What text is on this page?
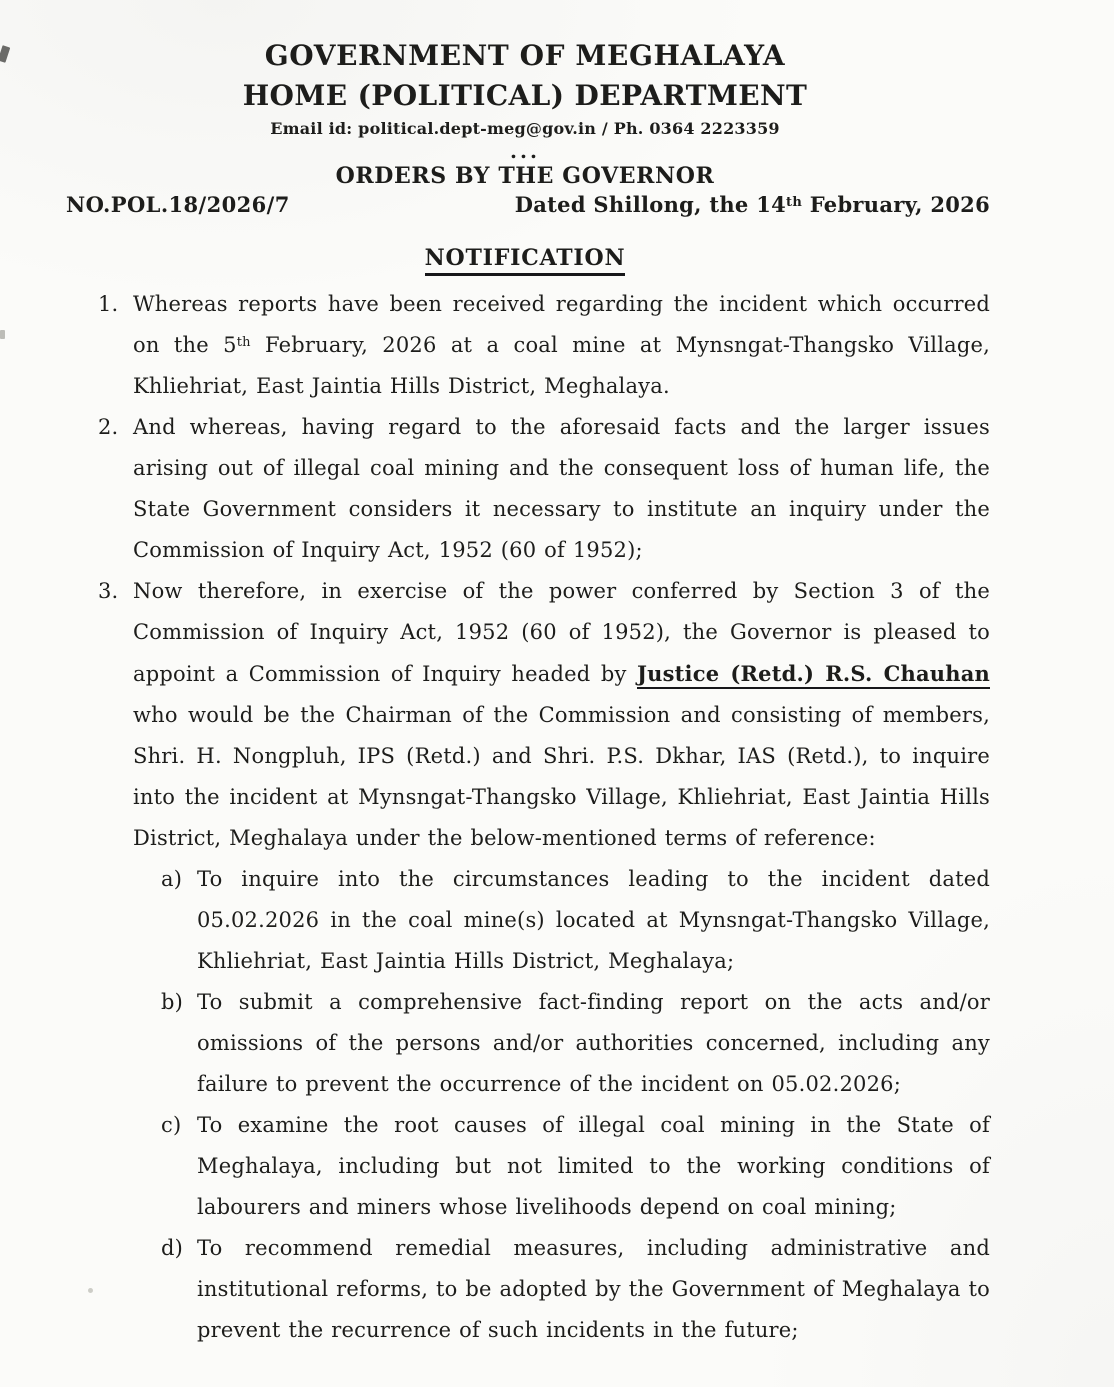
GOVERNMENT OF MEGHALAYA
HOME (POLITICAL) DEPARTMENT
Email id: political.dept-meg@gov.in / Ph. 0364 2223359
...
ORDERS BY THE GOVERNOR
NO.POL.18/2026/7	Dated Shillong, the 14th February, 2026
NOTIFICATION
1. Whereas reports have been received regarding the incident which occurred on the 5th February, 2026 at a coal mine at Mynsngat-Thangsko Village, Khliehriat, East Jaintia Hills District, Meghalaya.
2. And whereas, having regard to the aforesaid facts and the larger issues arising out of illegal coal mining and the consequent loss of human life, the State Government considers it necessary to institute an inquiry under the Commission of Inquiry Act, 1952 (60 of 1952);
3. Now therefore, in exercise of the power conferred by Section 3 of the Commission of Inquiry Act, 1952 (60 of 1952), the Governor is pleased to appoint a Commission of Inquiry headed by Justice (Retd.) R.S. Chauhan who would be the Chairman of the Commission and consisting of members, Shri. H. Nongpluh, IPS (Retd.) and Shri. P.S. Dkhar, IAS (Retd.), to inquire into the incident at Mynsngat-Thangsko Village, Khliehriat, East Jaintia Hills District, Meghalaya under the below-mentioned terms of reference:
a) To inquire into the circumstances leading to the incident dated 05.02.2026 in the coal mine(s) located at Mynsngat-Thangsko Village, Khliehriat, East Jaintia Hills District, Meghalaya;
b) To submit a comprehensive fact-finding report on the acts and/or omissions of the persons and/or authorities concerned, including any failure to prevent the occurrence of the incident on 05.02.2026;
c) To examine the root causes of illegal coal mining in the State of Meghalaya, including but not limited to the working conditions of labourers and miners whose livelihoods depend on coal mining;
d) To recommend remedial measures, including administrative and institutional reforms, to be adopted by the Government of Meghalaya to prevent the recurrence of such incidents in the future;
